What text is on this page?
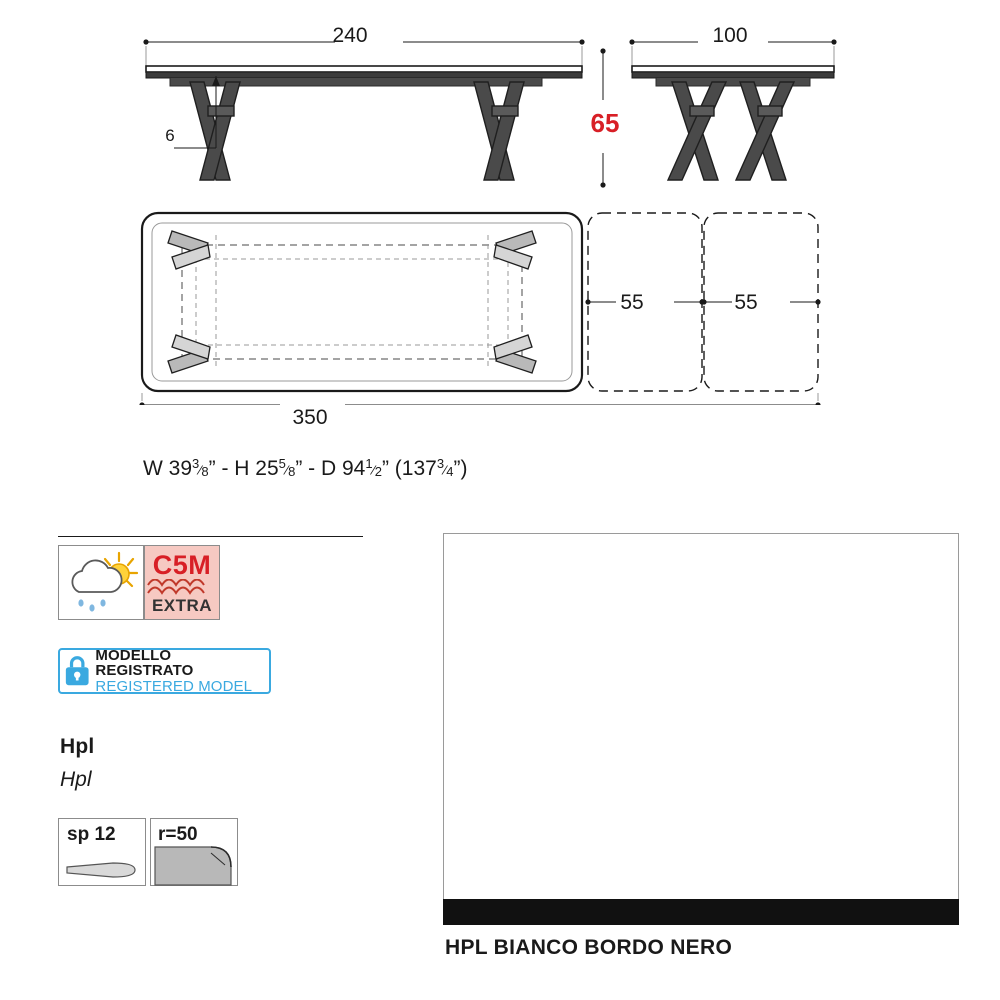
240
6
100
65
55	55
350
W $39^3⁄_8$” - H $25^5⁄_8$” - D $94^1⁄_2$” $(137^3⁄_4”)$
C5M
EXTRA
MODELLO REGISTRATO
REGISTERED MODEL
Hpl
Hpl
sp 12 r=50
HPL BIANCO BORDO NERO
